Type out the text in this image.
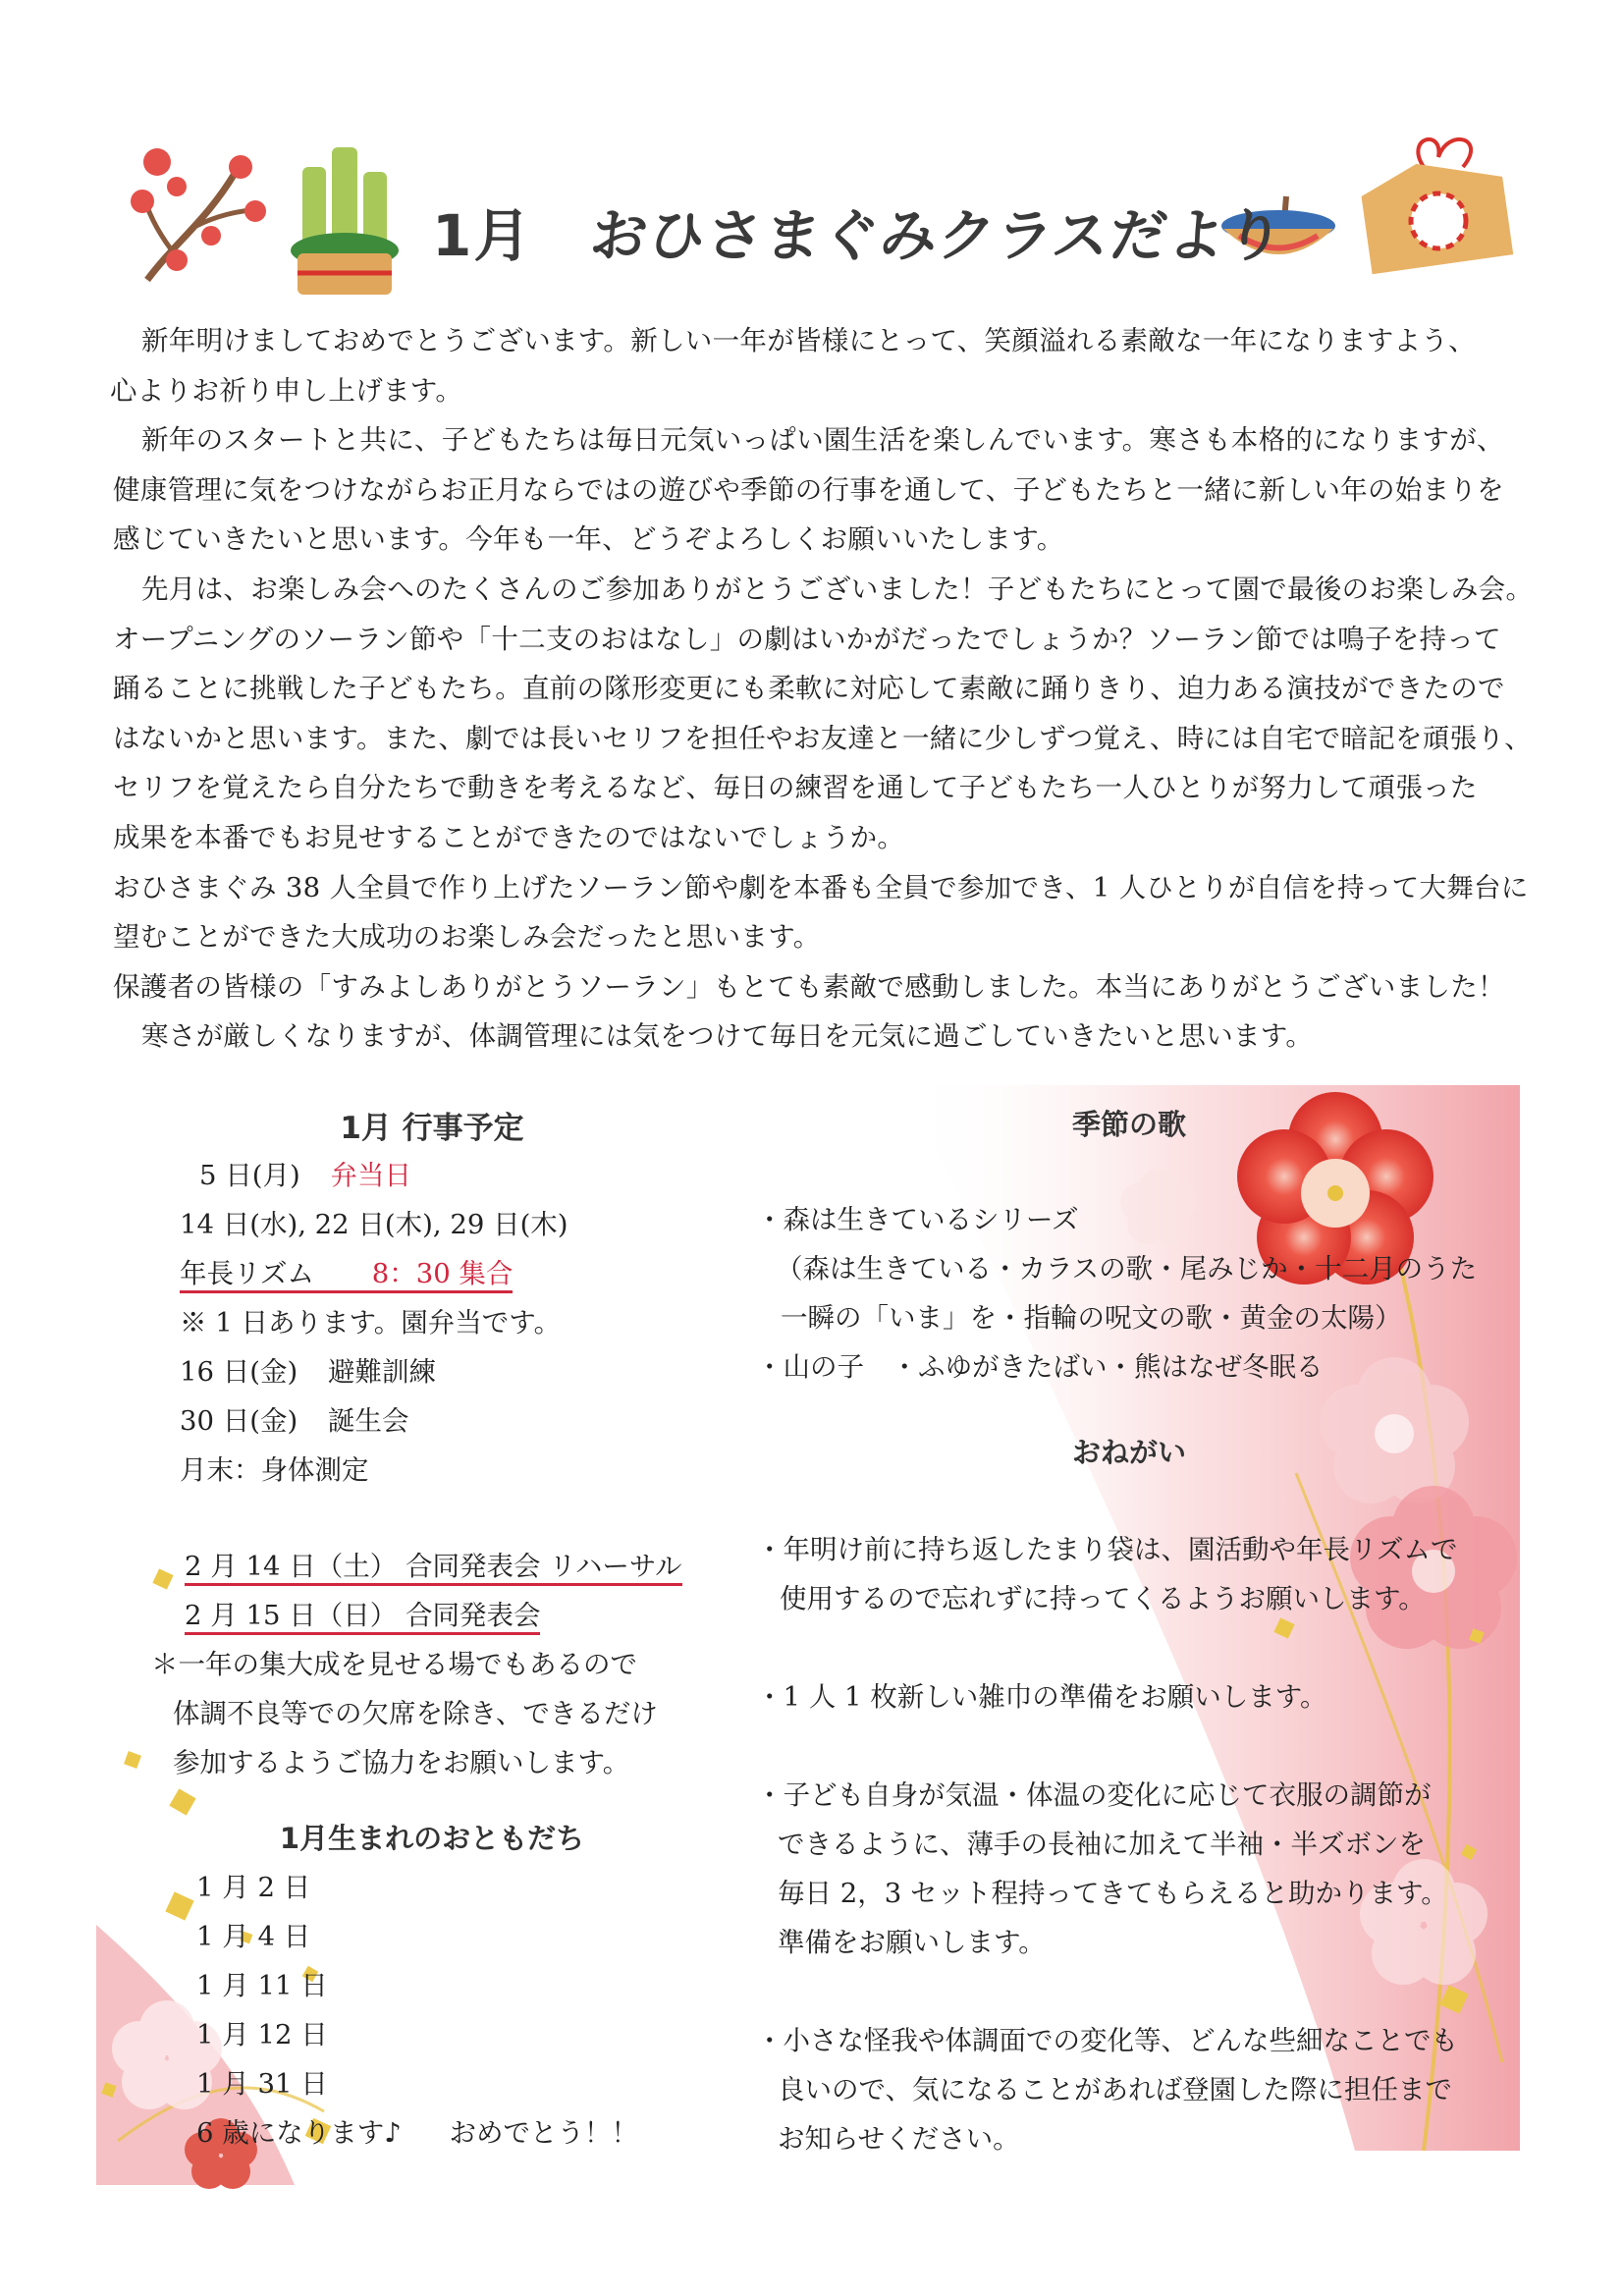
1月 おひさまぐみクラスだより

新年明けましておめでとうございます。新しい一年が皆様にとって、笑顔溢れる素敵な一年になりますよう、

心よりお祈り申し上げます。

新年のスタートと共に、子どもたちは毎日元気いっぱい園生活を楽しんでいます。寒さも本格的になりますが、

健康管理に気をつけながらお正月ならではの遊びや季節の行事を通して、子どもたちと一緒に新しい年の始まりを

感じていきたいと思います。今年も一年、どうぞよろしくお願いいたします。

先月は、お楽しみ会へのたくさんのご参加ありがとうございました！子どもたちにとって園で最後のお楽しみ会。

オープニングのソーラン節や「十二支のおはなし」の劇はいかがだったでしょうか？ソーラン節では鳴子を持って

踊ることに挑戦した子どもたち。直前の隊形変更にも柔軟に対応して素敵に踊りきり、迫力ある演技ができたので

はないかと思います。また、劇では長いセリフを担任やお友達と一緒に少しずつ覚え、時には自宅で暗記を頑張り、

セリフを覚えたら自分たちで動きを考えるなど、毎日の練習を通して子どもたち一人ひとりが努力して頑張った

成果を本番でもお見せすることができたのではないでしょうか。

おひさまぐみ 38 人全員で作り上げたソーラン節や劇を本番も全員で参加でき、1 人ひとりが自信を持って大舞台に

望むことができた大成功のお楽しみ会だったと思います。

保護者の皆様の「すみよしありがとうソーラン」もとても素敵で感動しました。本当にありがとうございました！

寒さが厳しくなりますが、体調管理には気をつけて毎日を元気に過ごしていきたいと思います。

1月 行事予定
5 日(月) 弁当日
14 日(水), 22 日(木), 29 日(木)
年長リズム 8：30 集合
※ 1 日あります。園弁当です。
16 日(金) 避難訓練
30 日(金) 誕生会
月末：身体測定
2 月 14 日（土） 合同発表会 リハーサル
2 月 15 日（日） 合同発表会
＊一年の集大成を見せる場でもあるので
体調不良等での欠席を除き、できるだけ
参加するようご協力をお願いします。
1月生まれのおともだち
1 月 2 日
1 月 4 日
1 月 11 日
1 月 12 日
1 月 31 日
6 歳になります♪ おめでとう！！
季節の歌
・森は生きているシリーズ
（森は生きている・カラスの歌・尾みじか・十二月のうた
一瞬の「いま」を・指輪の呪文の歌・黄金の太陽）
・山の子　・ふゆがきたばい・熊はなぜ冬眠る
おねがい
・年明け前に持ち返したまり袋は、園活動や年長リズムで
使用するので忘れずに持ってくるようお願いします。
・1 人 1 枚新しい雑巾の準備をお願いします。
・子ども自身が気温・体温の変化に応じて衣服の調節が
できるように、薄手の長袖に加えて半袖・半ズボンを
毎日 2，3 セット程持ってきてもらえると助かります。
準備をお願いします。
・小さな怪我や体調面での変化等、どんな些細なことでも
良いので、気になることがあれば登園した際に担任まで
お知らせください。
